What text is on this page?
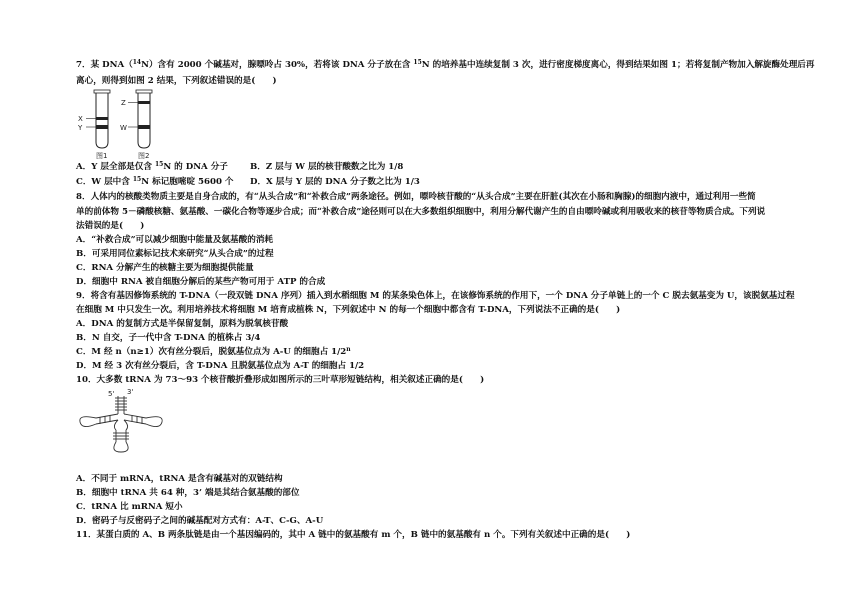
7．某 DNA（$^{14}$N）含有 2000 个碱基对，腺嘌呤占 30%，若将该 DNA 分子放在含 $^{15}$N 的培养基中连续复制 3 次，进行密度梯度离心，得到结果如图 1；若将复制产物加入解旋酶处理后再
离心，则得到如图 2 结果，下列叙述错误的是(　　)
X
Y
图1
Z
W
图2
A．Y 层全部是仅含 $^{15}$N 的 DNA 分子	B．Z 层与 W 层的核苷酸数之比为 1/8
C．W 层中含 $^{15}$N 标记胞嘧啶 5600 个 D．X 层与 Y 层的 DNA 分子数之比为 1/3
8．人体内的核酸类物质主要是自身合成的，有“从头合成”和“补救合成”两条途径。例如，嘌呤核苷酸的“从头合成”主要在肝脏(其次在小肠和胸腺)的细胞内液中，通过利用一些简
单的前体物 5－磷酸核糖、氨基酸、一碳化合物等逐步合成；而“补救合成”途径则可以在大多数组织细胞中，利用分解代谢产生的自由嘌呤碱或利用吸收来的核苷等物质合成。下列说
法错误的是(　　)
A．“补救合成”可以减少细胞中能量及氨基酸的消耗
B．可采用同位素标记技术来研究“从头合成”的过程
C．RNA 分解产生的核糖主要为细胞提供能量
D．细胞中 RNA 被自细胞分解后的某些产物可用于 ATP 的合成
9．将含有基因修饰系统的 T-DNA（一段双链 DNA 序列）插入到水稻细胞 M 的某条染色体上，在该修饰系统的作用下，一个 DNA 分子单链上的一个 C 脱去氨基变为 U，该脱氨基过程
在细胞 M 中只发生一次。利用培养技术将细胞 M 培育成植株 N，下列叙述中 N 的每一个细胞中都含有 T-DNA，下列说法不正确的是(　　)
A．DNA 的复制方式是半保留复制，原料为脱氧核苷酸
B．N 自交，子一代中含 T-DNA 的植株占 3/4
C．M 经 n（n≥1）次有丝分裂后，脱氨基位点为 A-U 的细胞占 1/2$^n$
D．M 经 3 次有丝分裂后，含 T-DNA 且脱氨基位点为 A-T 的细胞占 1/2
10．大多数 tRNA 为 73～93 个核苷酸折叠形成如图所示的三叶草形短链结构，相关叙述正确的是(　　)
5' 3'
A．不同于 mRNA，tRNA 是含有碱基对的双链结构
B．细胞中 tRNA 共 64 种，3’ 端是其结合氨基酸的部位
C．tRNA 比 mRNA 短小
D．密码子与反密码子之间的碱基配对方式有：A-T、C-G、A-U
11．某蛋白质的 A、B 两条肽链是由一个基因编码的，其中 A 链中的氨基酸有 m 个，B 链中的氨基酸有 n 个。下列有关叙述中正确的是(　　)
